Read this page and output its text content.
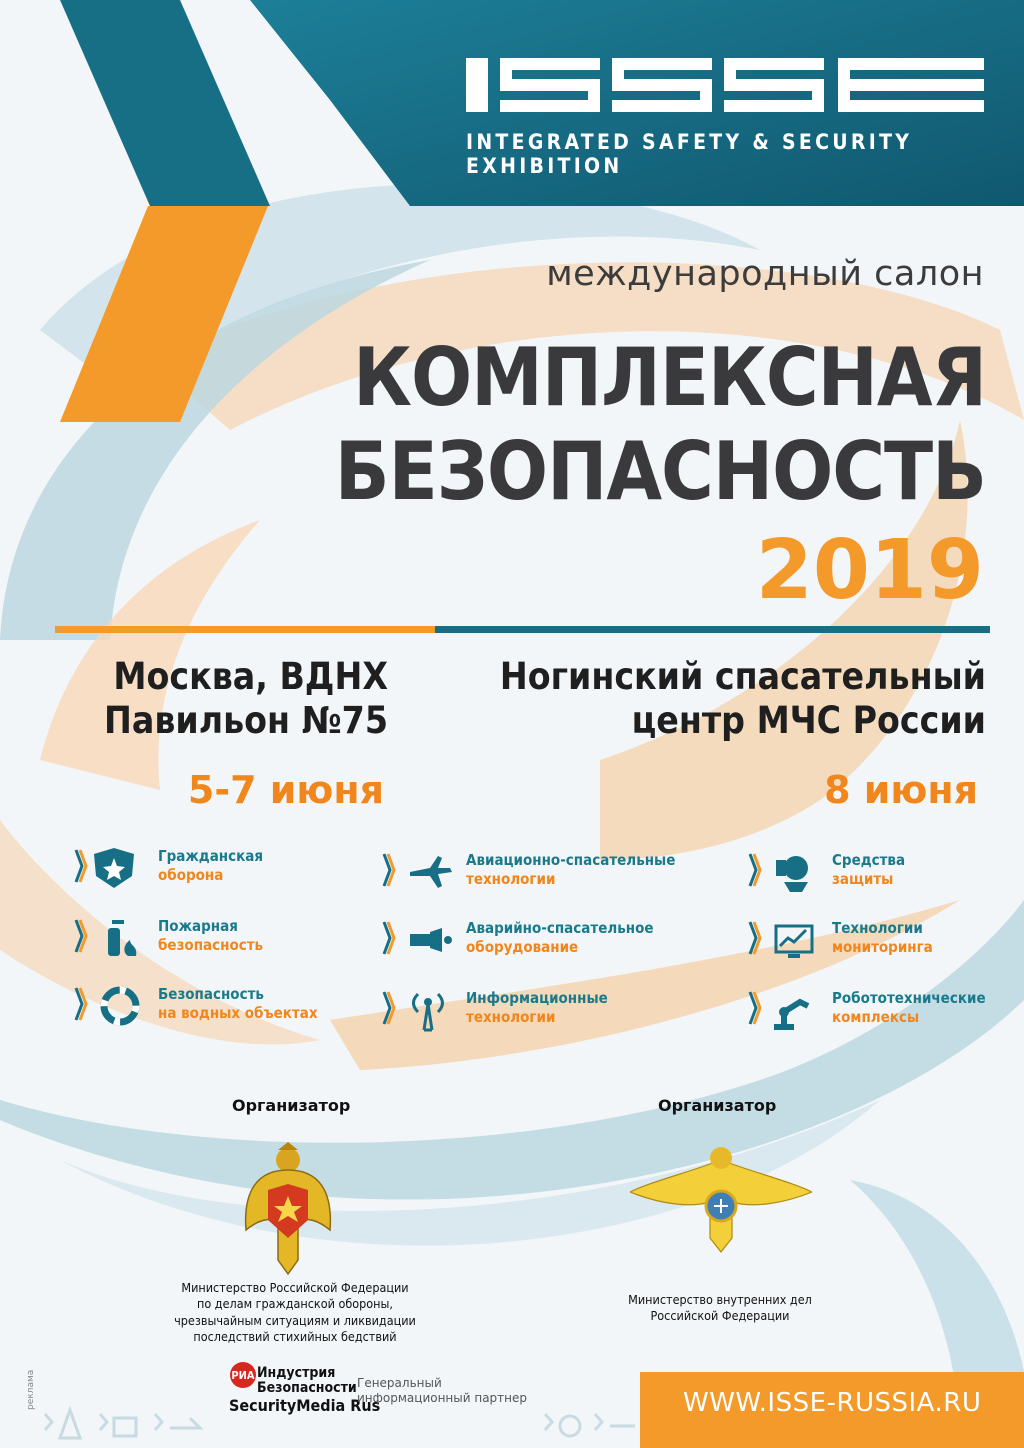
INTEGRATED SAFETY & SECURITY EXHIBITION
международный салон
КОМПЛЕКСНАЯ
БЕЗОПАСНОСТЬ
2019
Москва, ВДНХ
Павильон №75
5-7 июня
Ногинский спасательный
центр МЧС России
8 июня
Гражданская
оборона
Авиационно-спасательные
технологии
Средства
защиты
Пожарная
безопасность
Аварийно-спасательное
оборудование
Технологии
мониторинга
Безопасность
на водных объектах
Информационные
технологии
Робототехнические
комплексы
Организатор	Организатор
Министерство Российской Федерации
по делам гражданской обороны,
чрезвычайным ситуациям и ликвидации
последствий стихийных бедствий
Министерство внутренних дел
Российской Федерации
реклама	РИА Индустрия
Безопасности
SecurityMedia Rus
Генеральный
информационный партнер	WWW.ISSE-RUSSIA.RU
